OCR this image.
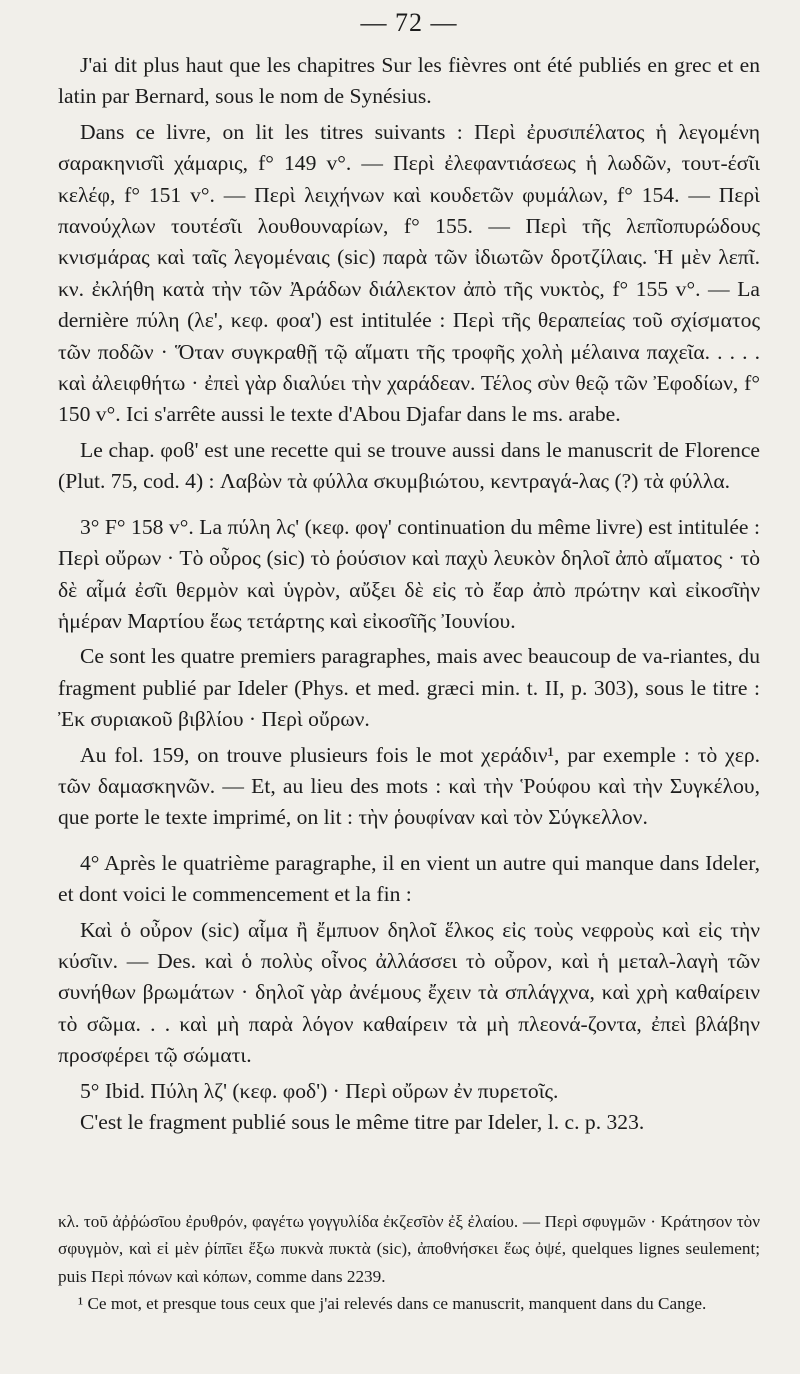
— 72 —

J'ai dit plus haut que les chapitres Sur les fièvres ont été publiés en grec et en latin par Bernard, sous le nom de Synésius.

Dans ce livre, on lit les titres suivants : Περὶ ἐρυσιπέλατος ἡ λεγομένη σαρακηνισῖὶ χάμαρις, f° 149 v°. — Περὶ ἐλεφαντιάσεως ἡ λωδῶν, τουτ-έσῖι κελέφ, f° 151 v°. — Περὶ λειχήνων καὶ κουδετῶν φυμάλων, f° 154. — Περὶ πανούχλων τουτέσῖι λουθουναρίων, f° 155. — Περὶ τῆς λεπῖοπυρώδους κνισμάρας καὶ ταῖς λεγομέναις (sic) παρὰ τῶν ἰδιωτῶν δροτζίλαις. Ἡ μὲν λεπῖ. κν. ἐκλήθη κατὰ τὴν τῶν Ἀράδων διάλεκτον ἀπὸ τῆς νυκτὸς, f° 155 v°. — La dernière πύλη (λε', κεφ. φοα') est intitulée : Περὶ τῆς θεραπείας τοῦ σχίσματος τῶν ποδῶν · Ὅταν συγκραθῇ τῷ αἵματι τῆς τροφῆς χολὴ μέλαινα παχεῖα. . . . . καὶ ἀλειφθήτω · ἐπεὶ γὰρ διαλύει τὴν χαράδεαν. Τέλος σὺν θεῷ τῶν Ἐφοδίων, f° 150 v°. Ici s'arrête aussi le texte d'Abou Djafar dans le ms. arabe.

Le chap. φοϐ' est une recette qui se trouve aussi dans le manuscrit de Florence (Plut. 75, cod. 4) : Λαβὼν τὰ φύλλα σκυμβιώτου, κεντραγά-λας (?) τὰ φύλλα.

3° F° 158 v°. La πύλη λς' (κεφ. φογ' continuation du même livre) est intitulée : Περὶ οὔρων · Τὸ οὖρος (sic) τὸ ῥούσιον καὶ παχὺ λευκὸν δηλοῖ ἀπὸ αἵματος · τὸ δὲ αἷμά ἐσῖι θερμὸν καὶ ὑγρὸν, αὔξει δὲ εἰς τὸ ἔαρ ἀπὸ πρώτην καὶ εἰκοσῖὴν ἡμέραν Μαρτίου ἕως τετάρτης καὶ εἰκοσῖῆς Ἰουνίου.

Ce sont les quatre premiers paragraphes, mais avec beaucoup de va-riantes, du fragment publié par Ideler (Phys. et med. græci min. t. II, p. 303), sous le titre : Ἐκ συριακοῦ βιβλίου · Περὶ οὔρων.

Au fol. 159, on trouve plusieurs fois le mot χεράδιν¹, par exemple : τὸ χερ. τῶν δαμασκηνῶν. — Et, au lieu des mots : καὶ τὴν Ῥούφου καὶ τὴν Συγκέλου, que porte le texte imprimé, on lit : τὴν ῥουφίναν καὶ τὸν Σύγκελλον.

4° Après le quatrième paragraphe, il en vient un autre qui manque dans Ideler, et dont voici le commencement et la fin :

Καὶ ὁ οὖρον (sic) αἷμα ἢ ἔμπυον δηλοῖ ἕλκος εἰς τοὺς νεφροὺς καὶ εἰς τὴν κύσῖιν. — Des. καὶ ὁ πολὺς οἶνος ἀλλάσσει τὸ οὖρον, καὶ ἡ μεταλ-λαγὴ τῶν συνήθων βρωμάτων · δηλοῖ γὰρ ἀνέμους ἔχειν τὰ σπλάγχνα, καὶ χρὴ καθαίρειν τὸ σῶμα. . . καὶ μὴ παρὰ λόγον καθαίρειν τὰ μὴ πλεονά-ζοντα, ἐπεὶ βλάβην προσφέρει τῷ σώματι.

5° Ibid. Πύλη λζ' (κεφ. φοδ') · Περὶ οὔρων ἐν πυρετοῖς.

C'est le fragment publié sous le même titre par Ideler, l. c. p. 323.

κλ. τοῦ ἀῤῥώσῖου ἐρυθρόν, φαγέτω γογγυλίδα ἐκζεσῖὸν ἐξ ἐλαίου. — Περὶ σφυγμῶν · Κράτησον τὸν σφυγμὸν, καὶ εἰ μὲν ῥίπῖει ἔξω πυκνὰ πυκτὰ (sic), ἀποθνήσκει ἕως ὀψέ, quelques lignes seulement; puis Περὶ πόνων καὶ κόπων, comme dans 2239.

¹ Ce mot, et presque tous ceux que j'ai relevés dans ce manuscrit, manquent dans du Cange.
